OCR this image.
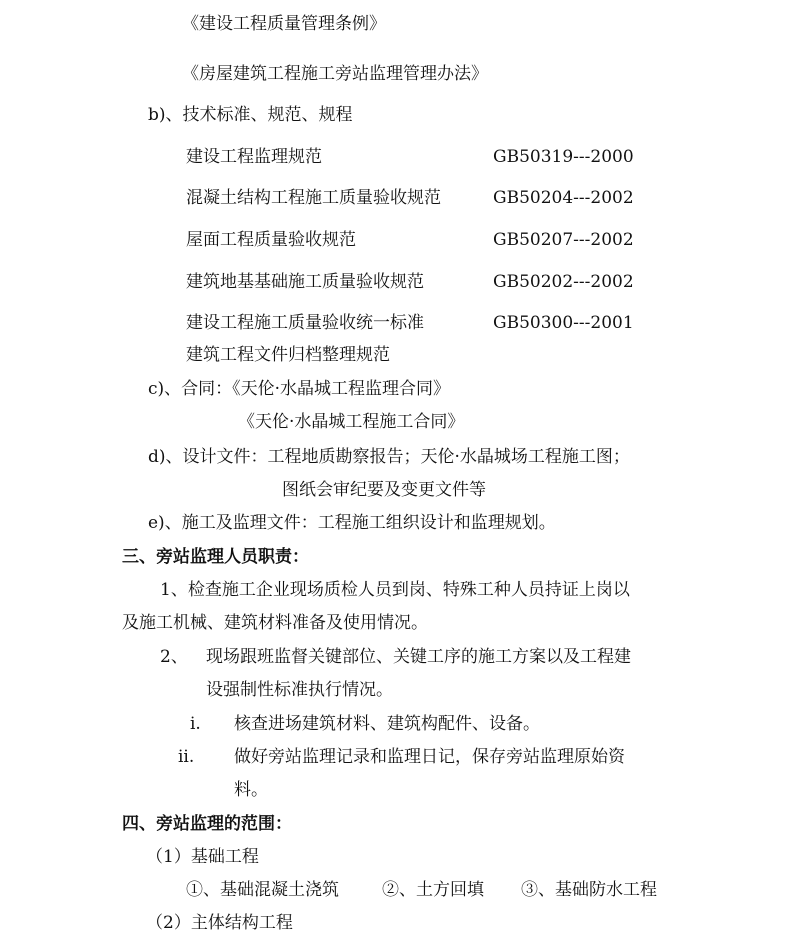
《建设工程质量管理条例》
《房屋建筑工程施工旁站监理管理办法》
b)、技术标准、规范、规程
建设工程监理规范	GB50319---2000
混凝土结构工程施工质量验收规范	GB50204---2002
屋面工程质量验收规范	GB50207---2002
建筑地基基础施工质量验收规范	GB50202---2002
建设工程施工质量验收统一标准	GB50300---2001
建筑工程文件归档整理规范
c)、合同：《天伦·水晶城工程监理合同》
《天伦·水晶城工程施工合同》
d)、设计文件：工程地质勘察报告；天伦·水晶城场工程施工图；
图纸会审纪要及变更文件等
e)、施工及监理文件：工程施工组织设计和监理规划。
三、旁站监理人员职责：
1、检查施工企业现场质检人员到岗、特殊工种人员持证上岗以
及施工机械、建筑材料准备及使用情况。
2、 现场跟班监督关键部位、关键工序的施工方案以及工程建
设强制性标准执行情况。
i. 核查进场建筑材料、建筑构配件、设备。
ii. 做好旁站监理记录和监理日记，保存旁站监理原始资
料。
四、旁站监理的范围：
（1）基础工程
①、基础混凝土浇筑	②、土方回填 ③、基础防水工程
（2）主体结构工程
